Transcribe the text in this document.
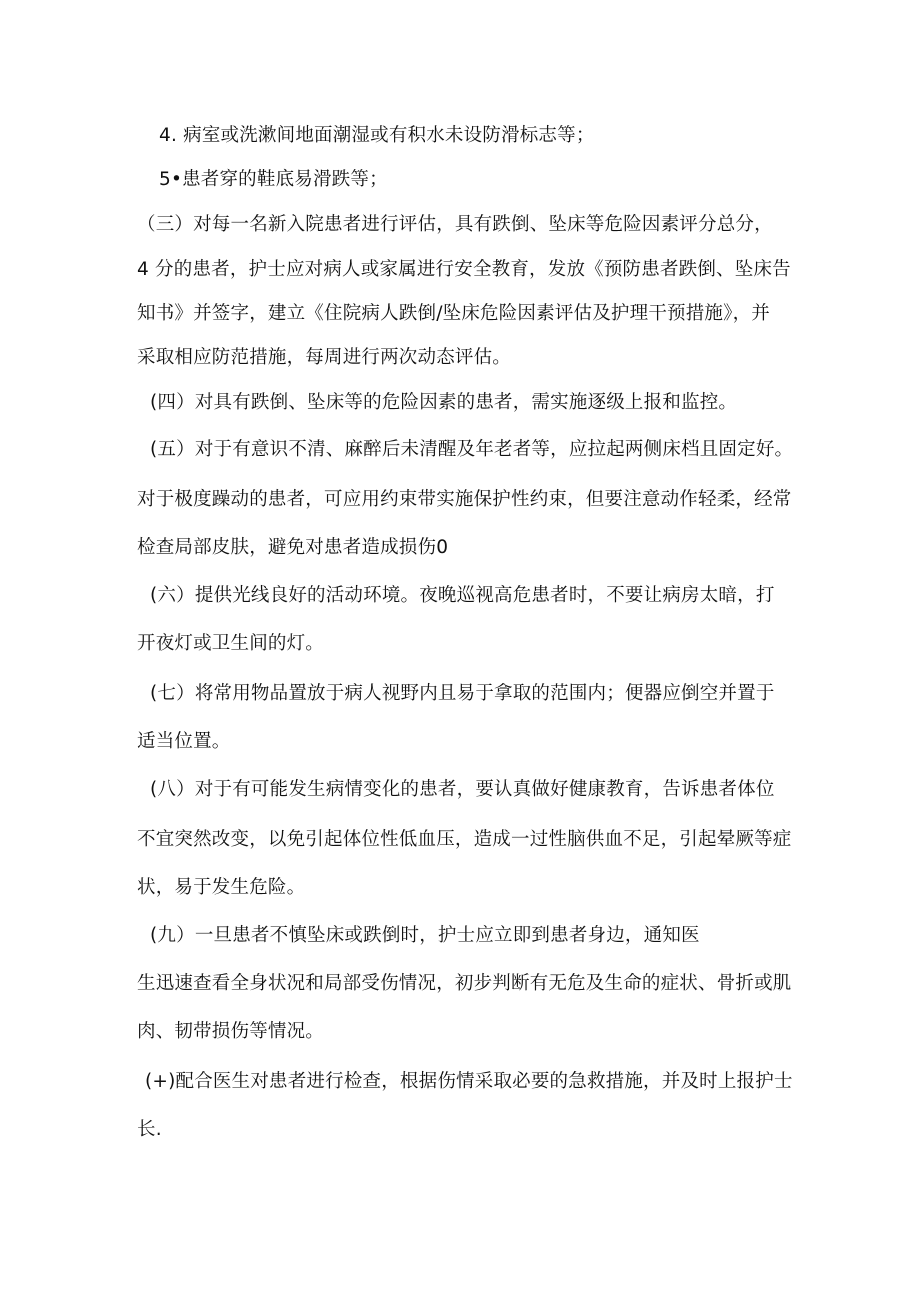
4. 病室或洗漱间地面潮湿或有积水未设防滑标志等；
5•患者穿的鞋底易滑跌等；
（三）对每一名新入院患者进行评估，具有跌倒、坠床等危险因素评分总分，
4 分的患者，护士应对病人或家属进行安全教育，发放《预防患者跌倒、坠床告
知书》并签字，建立《住院病人跌倒/坠床危险因素评估及护理干预措施》，并
采取相应防范措施，每周进行两次动态评估。
(四）对具有跌倒、坠床等的危险因素的患者，需实施逐级上报和监控。
(五）对于有意识不清、麻醉后未清醒及年老者等，应拉起两侧床档且固定好。
对于极度躁动的患者，可应用约束带实施保护性约束，但要注意动作轻柔，经常
检查局部皮肤，避免对患者造成损伤0
(六）提供光线良好的活动环境。夜晚巡视高危患者时，不要让病房太暗，打
开夜灯或卫生间的灯。
(七）将常用物品置放于病人视野内且易于拿取的范围内；便器应倒空并置于
适当位置。
(八）对于有可能发生病情变化的患者，要认真做好健康教育，告诉患者体位
不宜突然改变，以免引起体位性低血压，造成一过性脑供血不足，引起晕厥等症
状，易于发生危险。
(九）一旦患者不慎坠床或跌倒时，护士应立即到患者身边，通知医
生迅速查看全身状况和局部受伤情况，初步判断有无危及生命的症状、骨折或肌
肉、韧带损伤等情况。
(+)配合医生对患者进行检查，根据伤情采取必要的急救措施，并及时上报护士
长.
